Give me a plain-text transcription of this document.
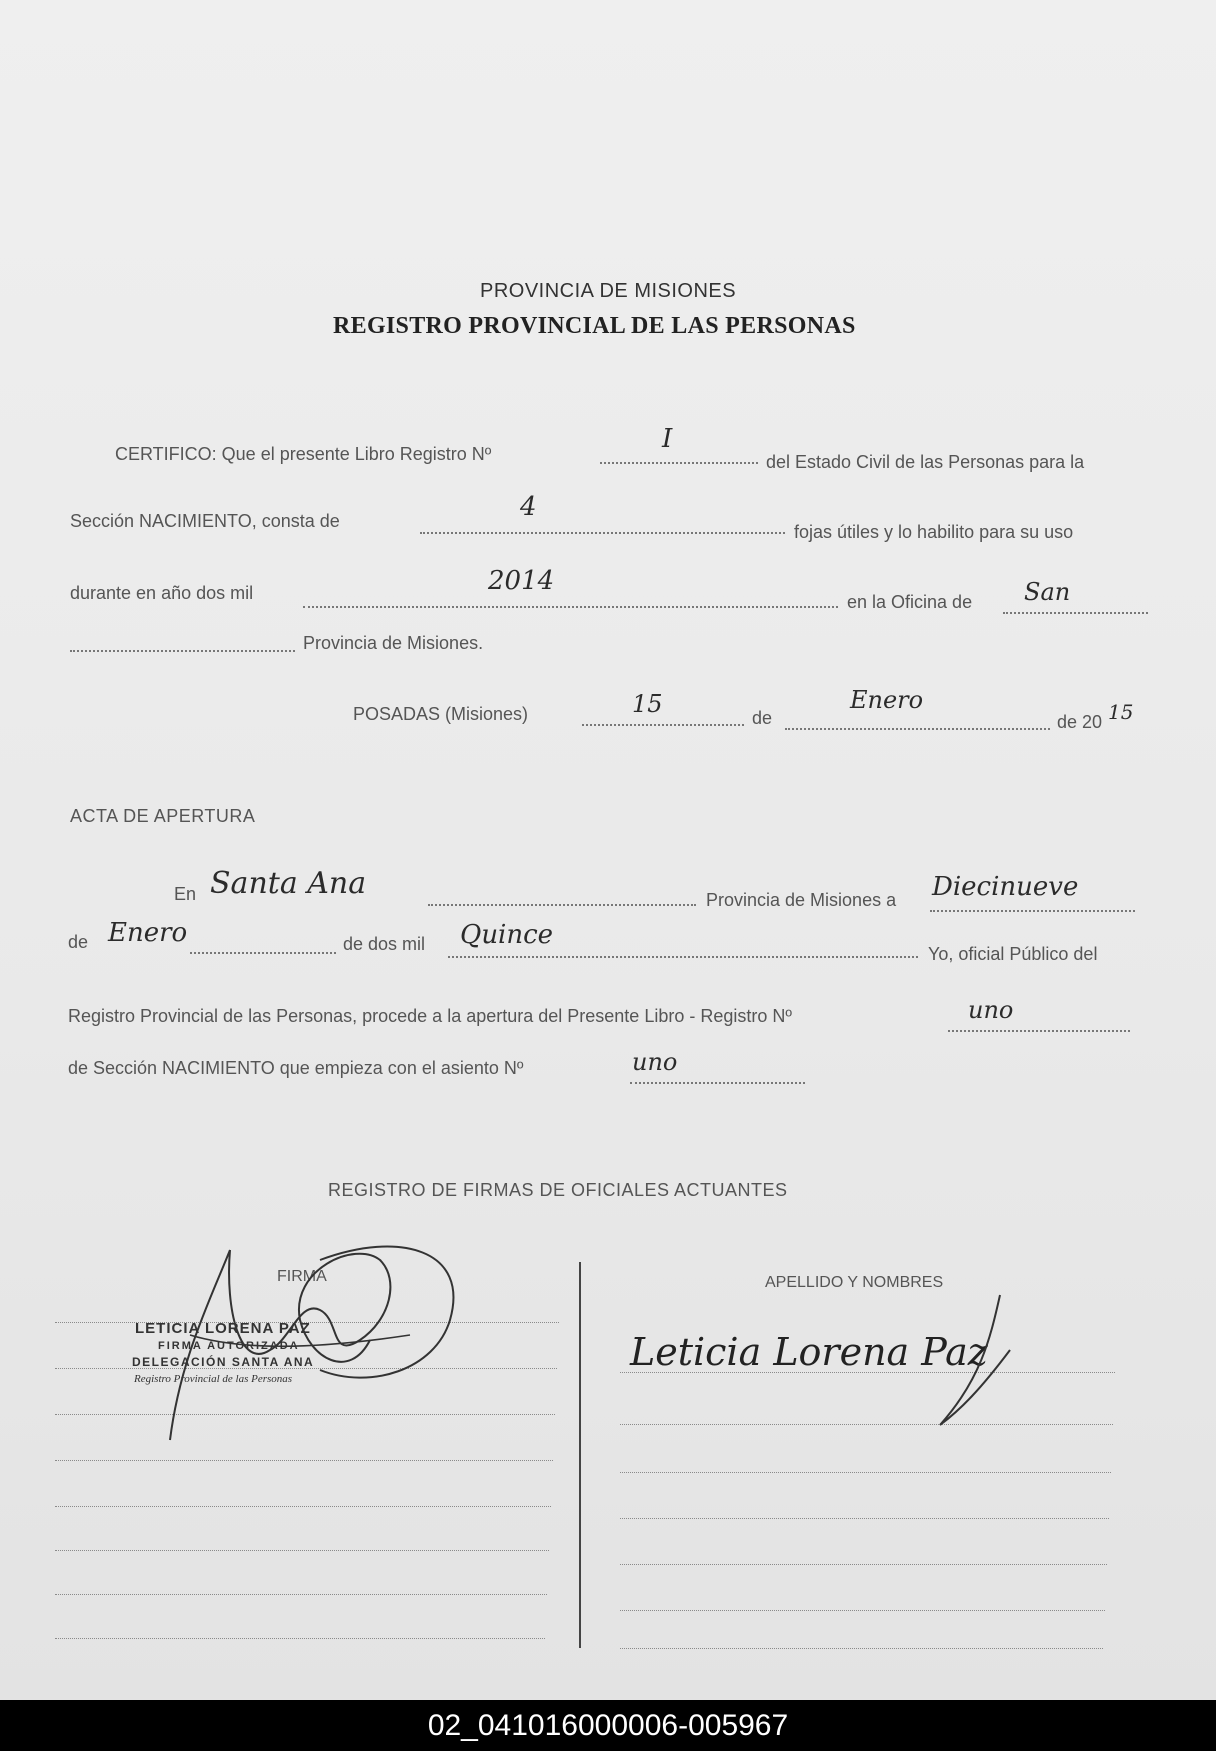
PROVINCIA DE MISIONES
REGISTRO PROVINCIAL DE LAS PERSONAS
CERTIFICO: Que el presente Libro Registro Nº	I
del Estado Civil de las Personas para la
Sección NACIMIENTO, consta de	4
fojas útiles y lo habilito para su uso
durante en año dos mil	2014
en la Oficina de San
Provincia de Misiones.
POSADAS (Misiones)	15	de
Enero
de 20 15
ACTA DE APERTURA
En Santa Ana	Provincia de Misiones a Diecinueve
de Enero	de dos mil Quince
Yo, oficial Público del
Registro Provincial de las Personas, procede a la apertura del Presente Libro - Registro Nº	uno
de Sección NACIMIENTO que empieza con el asiento Nº	uno
REGISTRO DE FIRMAS DE OFICIALES ACTUANTES
FIRMA	APELLIDO Y NOMBRES
LETICIA LORENA PAZ
FIRMA AUTORIZADA
DELEGACIÓN SANTA ANA
Registro Provincial de las Personas
Leticia Lorena Paz
02_041016000006-005967
